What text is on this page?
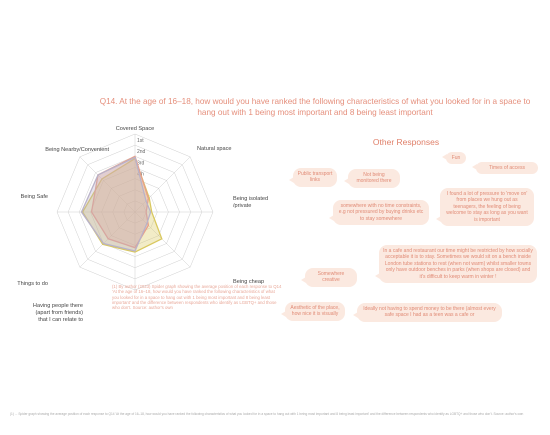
Q14. At the age of 16–18, how would you have ranked the following characteristics of what you looked for in a space to hang out with 1 being most important and 8 being least important
1st
2nd
3rd
4th
Covered Space
Natural space
Being isolated
/private
Being cheap
Having people there
(apart from friends)
that I can relate to
Things to do
Being Safe
Being Nearby/Convenient
(1) By author (2023) Spider graph showing the average position of each response to Q14 'At the age of 16–18, how would you have ranked the following characteristics of what you looked for in a space to hang out with 1 being most important and 8 being least important' and the difference between respondents who identify as LGBTQ+ and those who don't. Source: author's own
Other Responses
Fun
Times of access
Public transport links
Not being monitored there
I found a lot of pressure to 'move on' from places we hung out as teenagers, the feeling of being welcome to stay as long as you want is important
somewhere with no time constraints, e.g not pressured by buying drinks etc to stay somewhere
In a cafe and restaurant our time might be restricted by how socially acceptable it is to stay. Sometimes we would sit on a bench inside London tube stations to rest (when not warm) whilst smaller towns only have outdoor benches in parks (when shops are closed) and it's difficult to keep warm in winter !
Somewhere creative
Aesthetic of the place, how nice it is visually
Ideally not having to spend money to be there (almost every safe space I had as a teen was a cafe or
(1) ... Spider graph showing the average position of each response to Q14 'At the age of 16–18, how would you have ranked the following characteristics of what you looked for in a space to hang out with 1 being most important and 8 being least important' and the difference between respondents who identify as LGBTQ+ and those who don't. Source: author's own
